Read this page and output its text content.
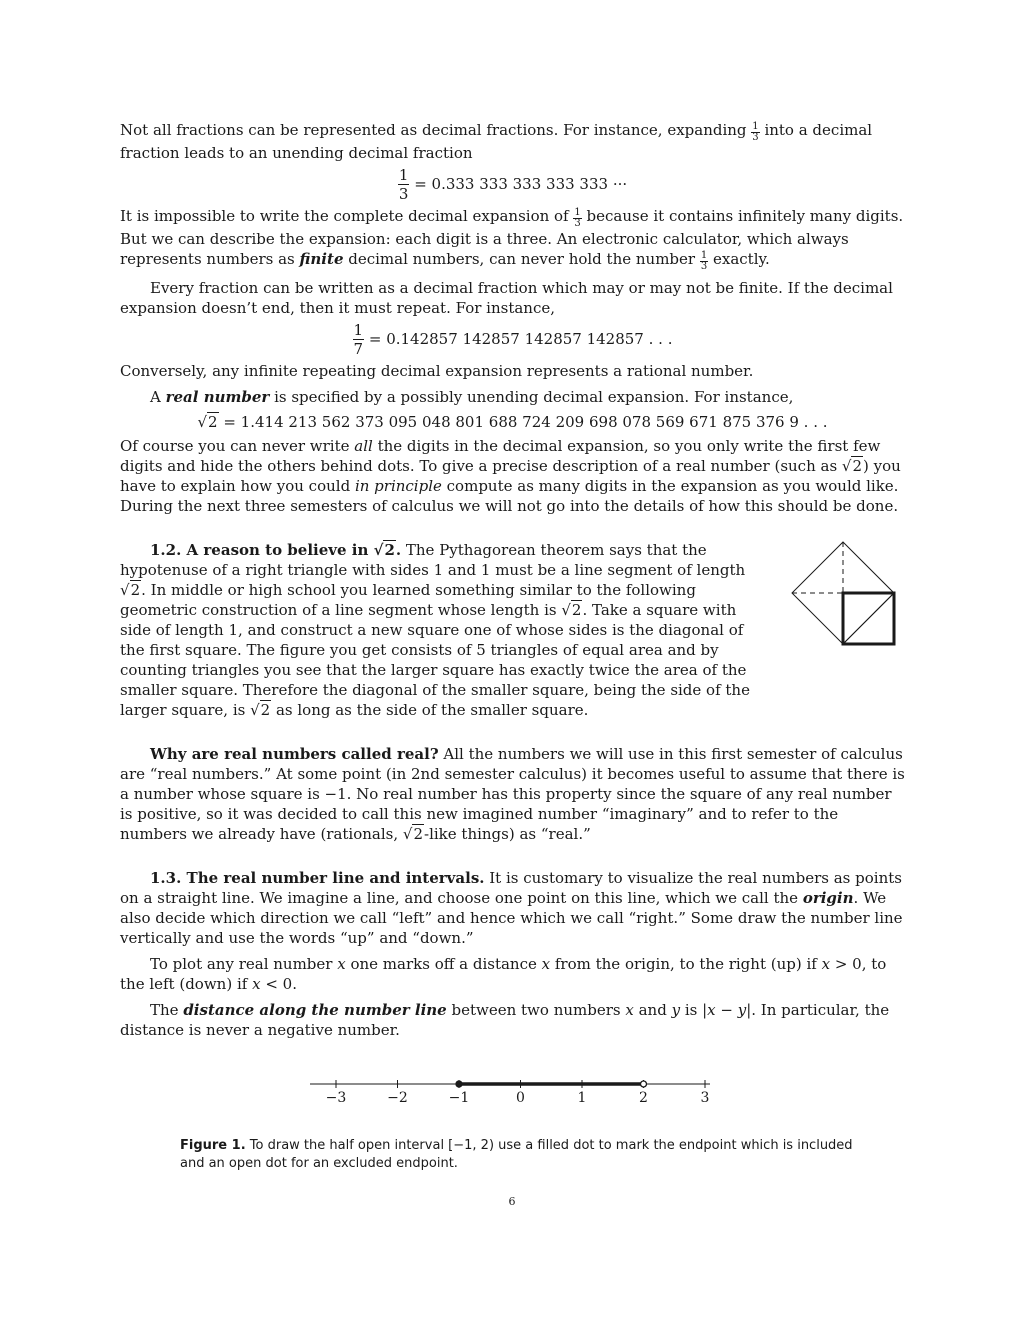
Not all fractions can be represented as decimal fractions. For instance, expanding $\frac{1}{3}$ into a decimal fraction leads to an unending decimal fraction

$\frac{1}{3} = 0.333$ 333 333 333 333 ···

It is impossible to write the complete decimal expansion of $\frac{1}{3}$ because it contains infinitely many digits. But we can describe the expansion: each digit is a three. An electronic calculator, which always represents numbers as finite decimal numbers, can never hold the number $\frac{1}{3}$ exactly.

Every fraction can be written as a decimal fraction which may or may not be finite. If the decimal expansion doesn’t end, then it must repeat. For instance,

$\frac{1}{7} = 0.142857$ 142857 142857 142857 . . .

Conversely, any infinite repeating decimal expansion represents a rational number.

A real number is specified by a possibly unending decimal expansion. For instance,

√2 = 1.414 213 562 373 095 048 801 688 724 209 698 078 569 671 875 376 9 . . .

Of course you can never write all the digits in the decimal expansion, so you only write the first few digits and hide the others behind dots. To give a precise description of a real number (such as √2) you have to explain how you could in principle compute as many digits in the expansion as you would like. During the next three semesters of calculus we will not go into the details of how this should be done.

1.2. A reason to believe in √2. The Pythagorean theorem says that the hypotenuse of a right triangle with sides 1 and 1 must be a line segment of length √2. In middle or high school you learned something similar to the following geometric construction of a line segment whose length is √2. Take a square with side of length 1, and construct a new square one of whose sides is the diagonal of the first square. The figure you get consists of 5 triangles of equal area and by counting triangles you see that the larger square has exactly twice the area of the smaller square. Therefore the diagonal of the smaller square, being the side of the larger square, is √2 as long as the side of the smaller square.

Why are real numbers called real? All the numbers we will use in this first semester of calculus are “real numbers.” At some point (in 2nd semester calculus) it becomes useful to assume that there is a number whose square is −1. No real number has this property since the square of any real number is positive, so it was decided to call this new imagined number “imaginary” and to refer to the numbers we already have (rationals, √2-like things) as “real.”

1.3. The real number line and intervals. It is customary to visualize the real numbers as points on a straight line. We imagine a line, and choose one point on this line, which we call the origin. We also decide which direction we call “left” and hence which we call “right.” Some draw the number line vertically and use the words “up” and “down.”

To plot any real number x one marks off a distance x from the origin, to the right (up) if x > 0, to the left (down) if x < 0.

The distance along the number line between two numbers x and y is |x − y|. In particular, the distance is never a negative number.

−3	−2	−1	0	1	2	3
Figure 1. To draw the half open interval [−1, 2) use a filled dot to mark the endpoint which is included and an open dot for an excluded endpoint.
6
